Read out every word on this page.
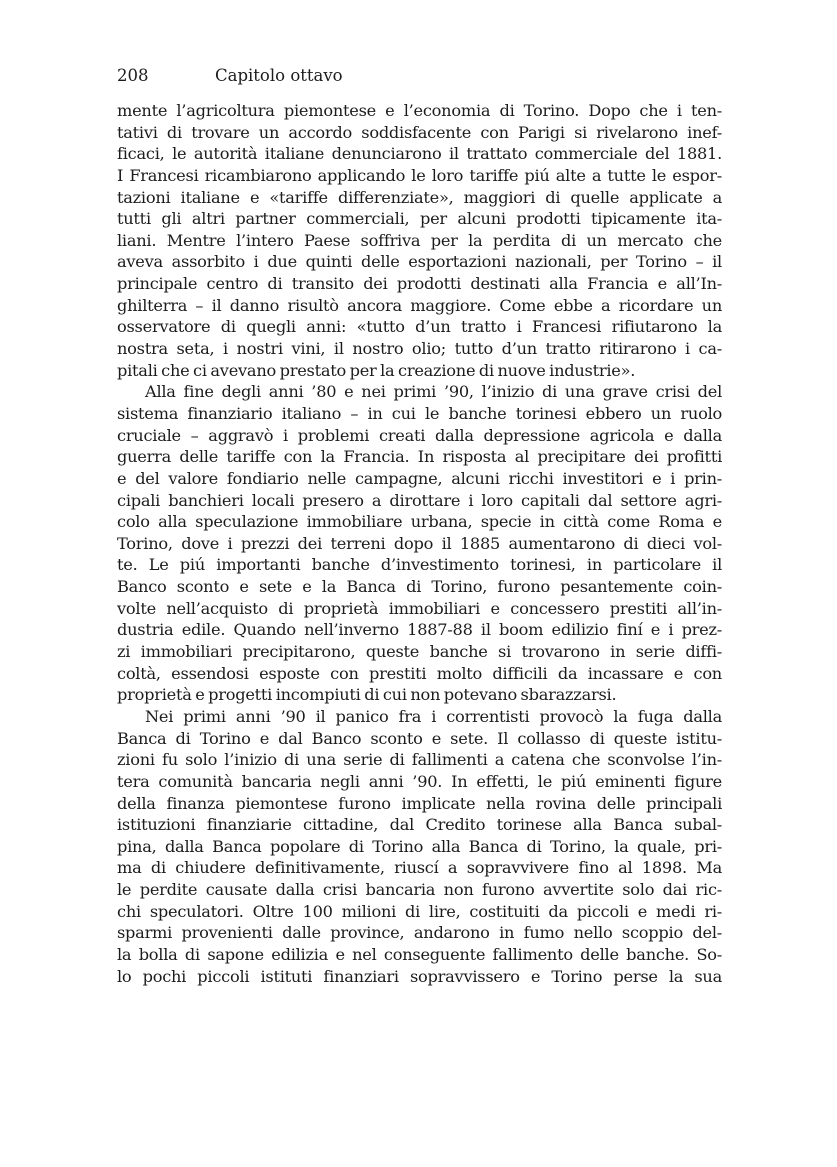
208	Capitolo ottavo
mente l’agricoltura piemontese e l’economia di Torino. Dopo che i ten-
tativi di trovare un accordo soddisfacente con Parigi si rivelarono inef-
ficaci, le autorità italiane denunciarono il trattato commerciale del 1881.
I Francesi ricambiarono applicando le loro tariffe piú alte a tutte le espor-
tazioni italiane e «tariffe differenziate», maggiori di quelle applicate a
tutti gli altri partner commerciali, per alcuni prodotti tipicamente ita-
liani. Mentre l’intero Paese soffriva per la perdita di un mercato che
aveva assorbito i due quinti delle esportazioni nazionali, per Torino – il
principale centro di transito dei prodotti destinati alla Francia e all’In-
ghilterra – il danno risultò ancora maggiore. Come ebbe a ricordare un
osservatore di quegli anni: «tutto d’un tratto i Francesi rifiutarono la
nostra seta, i nostri vini, il nostro olio; tutto d’un tratto ritirarono i ca-
pitali che ci avevano prestato per la creazione di nuove industrie».
Alla fine degli anni ’80 e nei primi ’90, l’inizio di una grave crisi del
sistema finanziario italiano – in cui le banche torinesi ebbero un ruolo
cruciale – aggravò i problemi creati dalla depressione agricola e dalla
guerra delle tariffe con la Francia. In risposta al precipitare dei profitti
e del valore fondiario nelle campagne, alcuni ricchi investitori e i prin-
cipali banchieri locali presero a dirottare i loro capitali dal settore agri-
colo alla speculazione immobiliare urbana, specie in città come Roma e
Torino, dove i prezzi dei terreni dopo il 1885 aumentarono di dieci vol-
te. Le piú importanti banche d’investimento torinesi, in particolare il
Banco sconto e sete e la Banca di Torino, furono pesantemente coin-
volte nell’acquisto di proprietà immobiliari e concessero prestiti all’in-
dustria edile. Quando nell’inverno 1887-88 il boom edilizio finí e i prez-
zi immobiliari precipitarono, queste banche si trovarono in serie diffi-
coltà, essendosi esposte con prestiti molto difficili da incassare e con
proprietà e progetti incompiuti di cui non potevano sbarazzarsi.
Nei primi anni ’90 il panico fra i correntisti provocò la fuga dalla
Banca di Torino e dal Banco sconto e sete. Il collasso di queste istitu-
zioni fu solo l’inizio di una serie di fallimenti a catena che sconvolse l’in-
tera comunità bancaria negli anni ’90. In effetti, le piú eminenti figure
della finanza piemontese furono implicate nella rovina delle principali
istituzioni finanziarie cittadine, dal Credito torinese alla Banca subal-
pina, dalla Banca popolare di Torino alla Banca di Torino, la quale, pri-
ma di chiudere definitivamente, riuscí a sopravvivere fino al 1898. Ma
le perdite causate dalla crisi bancaria non furono avvertite solo dai ric-
chi speculatori. Oltre 100 milioni di lire, costituiti da piccoli e medi ri-
sparmi provenienti dalle province, andarono in fumo nello scoppio del-
la bolla di sapone edilizia e nel conseguente fallimento delle banche. So-
lo pochi piccoli istituti finanziari sopravvissero e Torino perse la sua
